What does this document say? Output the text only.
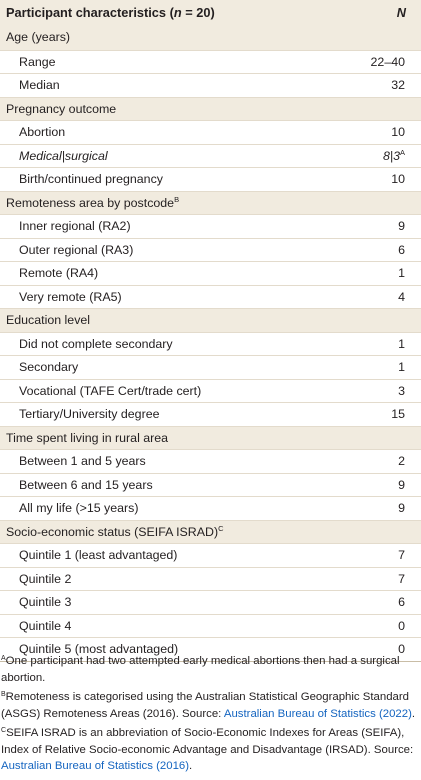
Participant characteristics (n = 20)	N
Age (years)
Range	22–40
Median	32
Pregnancy outcome
Abortion	10
Medical|surgical	$8|3^A$
Birth/continued pregnancy	10
Remoteness area by postcode$^B$
Inner regional (RA2)	9
Outer regional (RA3)	6
Remote (RA4)	1
Very remote (RA5)	4
Education level
Did not complete secondary	1
Secondary	1
Vocational (TAFE Cert/trade cert)	3
Tertiary/University degree	15
Time spent living in rural area
Between 1 and 5 years	2
Between 6 and 15 years	9
All my life (>15 years)	9
Socio-economic status (SEIFA ISRAD)$^C$
Quintile 1 (least advantaged)	7
Quintile 2	7
Quintile 3	6
Quintile 4	0
Quintile 5 (most advantaged)	0

$^A$One participant had two attempted early medical abortions then had a surgical abortion.

$^B$Remoteness is categorised using the Australian Statistical Geographic Standard (ASGS) Remoteness Areas (2016). Source: Australian Bureau of Statistics (2022).

$^C$SEIFA ISRAD is an abbreviation of Socio-Economic Indexes for Areas (SEIFA), Index of Relative Socio-economic Advantage and Disadvantage (IRSAD). Source: Australian Bureau of Statistics (2016).
